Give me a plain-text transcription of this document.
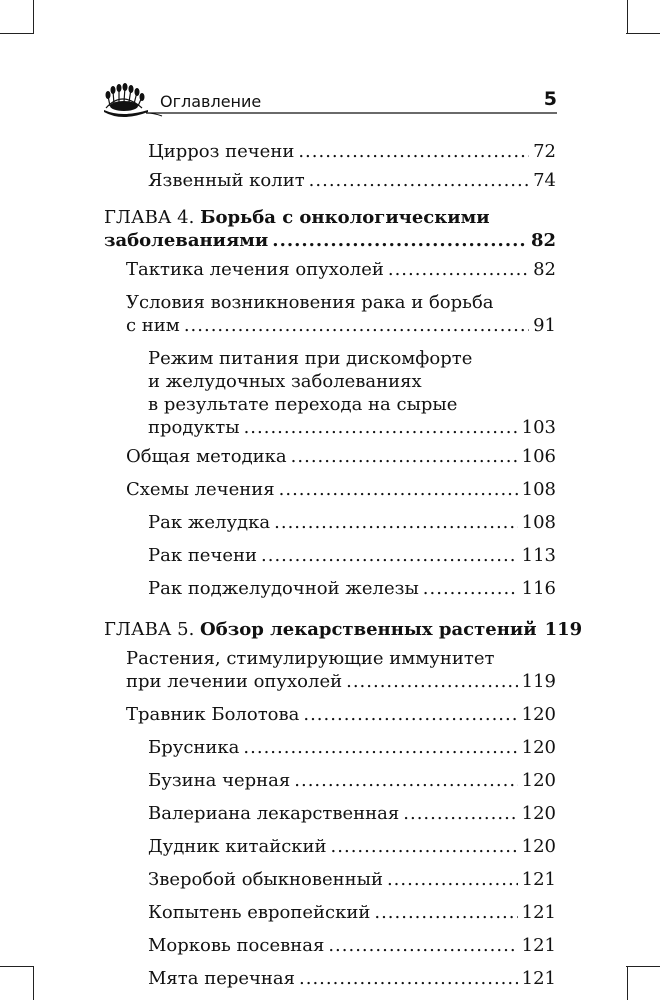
Оглавление	5
Цирроз печени .....	72
Язвенный колит .....	74
ГЛАВА 4. Борьба с онкологическими
заболеваниями .....	82
Тактика лечения опухолей .....	82
Условия возникновения рака и борьба
с ним .....	91
Режим питания при дискомфорте
и желудочных заболеваниях
в результате перехода на сырые
продукты .....	103
Общая методика .....	106
Схемы лечения .....	108
Рак желудка .....	108
Рак печени .....	113
Рак поджелудочной железы .....	116
ГЛАВА 5. Обзор лекарственных растений 119
Растения, стимулирующие иммунитет
при лечении опухолей .....	119
Травник Болотова .....	120
Брусника .....	120
Бузина черная .....	120
Валериана лекарственная .....	120
Дудник китайский .....	120
Зверобой обыкновенный .....	121
Копытень европейский .....	121
Морковь посевная .....	121
Мята перечная .....	121
